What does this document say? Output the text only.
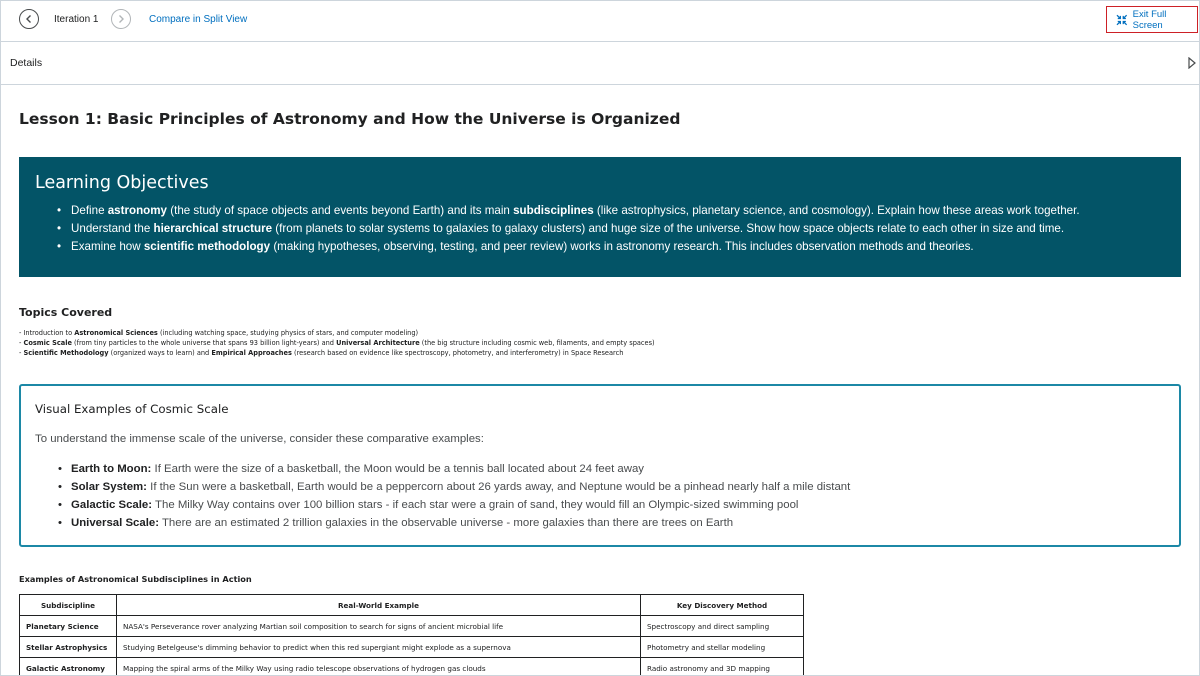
Iteration 1	Compare in Split View	Exit Full Screen
Details
Lesson 1: Basic Principles of Astronomy and How the Universe is Organized
Learning Objectives
• Define astronomy (the study of space objects and events beyond Earth) and its main subdisciplines (like astrophysics, planetary science, and cosmology). Explain how these areas work together.
• Understand the hierarchical structure (from planets to solar systems to galaxies to galaxy clusters) and huge size of the universe. Show how space objects relate to each other in size and time.
• Examine how scientific methodology (making hypotheses, observing, testing, and peer review) works in astronomy research. This includes observation methods and theories.
Topics Covered
- Introduction to Astronomical Sciences (including watching space, studying physics of stars, and computer modeling)
- Cosmic Scale (from tiny particles to the whole universe that spans 93 billion light-years) and Universal Architecture (the big structure including cosmic web, filaments, and empty spaces)
- Scientific Methodology (organized ways to learn) and Empirical Approaches (research based on evidence like spectroscopy, photometry, and interferometry) in Space Research
Visual Examples of Cosmic Scale

To understand the immense scale of the universe, consider these comparative examples:

• Earth to Moon: If Earth were the size of a basketball, the Moon would be a tennis ball located about 24 feet away
• Solar System: If the Sun were a basketball, Earth would be a peppercorn about 26 yards away, and Neptune would be a pinhead nearly half a mile distant
• Galactic Scale: The Milky Way contains over 100 billion stars - if each star were a grain of sand, they would fill an Olympic-sized swimming pool
• Universal Scale: There are an estimated 2 trillion galaxies in the observable universe - more galaxies than there are trees on Earth
Examples of Astronomical Subdisciplines in Action
Subdiscipline	Real-World Example	Key Discovery Method
Planetary Science	NASA's Perseverance rover analyzing Martian soil composition to search for signs of ancient microbial life	Spectroscopy and direct sampling
Stellar Astrophysics	Studying Betelgeuse's dimming behavior to predict when this red supergiant might explode as a supernova	Photometry and stellar modeling
Galactic Astronomy	Mapping the spiral arms of the Milky Way using radio telescope observations of hydrogen gas clouds	Radio astronomy and 3D mapping
